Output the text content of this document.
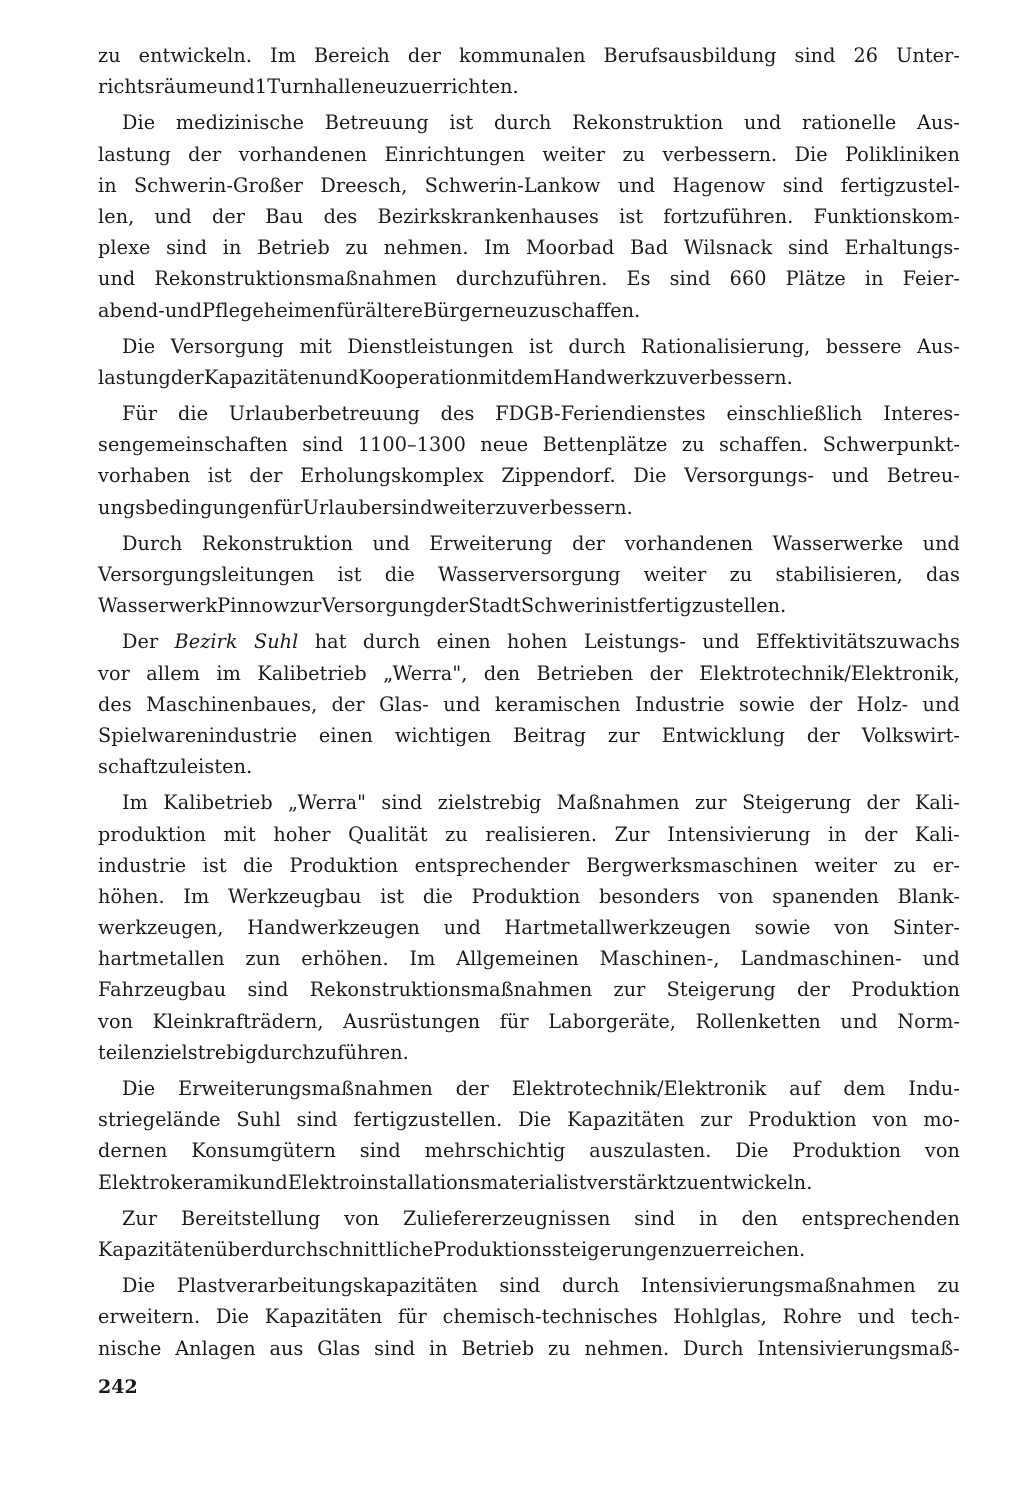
zu entwickeln. Im Bereich der kommunalen Berufsausbildung sind 26 Unter-
richtsräume und 1 Turnhalle neu zu errichten.
Die medizinische Betreuung ist durch Rekonstruktion und rationelle Aus-
lastung der vorhandenen Einrichtungen weiter zu verbessern. Die Polikliniken
in Schwerin-Großer Dreesch, Schwerin-Lankow und Hagenow sind fertigzustel-
len, und der Bau des Bezirkskrankenhauses ist fortzuführen. Funktionskom-
plexe sind in Betrieb zu nehmen. Im Moorbad Bad Wilsnack sind Erhaltungs-
und Rekonstruktionsmaßnahmen durchzuführen. Es sind 660 Plätze in Feier-
abend- und Pflegeheimen für ältere Bürger neu zu schaffen.
Die Versorgung mit Dienstleistungen ist durch Rationalisierung, bessere Aus-
lastung der Kapazitäten und Kooperation mit dem Handwerk zu verbessern.
Für die Urlauberbetreuung des FDGB-Feriendienstes einschließlich Interes-
sengemeinschaften sind 1100–1300 neue Bettenplätze zu schaffen. Schwerpunkt-
vorhaben ist der Erholungskomplex Zippendorf. Die Versorgungs- und Betreu-
ungsbedingungen für Urlauber sind weiter zu verbessern.
Durch Rekonstruktion und Erweiterung der vorhandenen Wasserwerke und
Versorgungsleitungen ist die Wasserversorgung weiter zu stabilisieren, das
Wasserwerk Pinnow zur Versorgung der Stadt Schwerin ist fertigzustellen.
Der Bezirk Suhl hat durch einen hohen Leistungs- und Effektivitätszuwachs
vor allem im Kalibetrieb „Werra", den Betrieben der Elektrotechnik/Elektronik,
des Maschinenbaues, der Glas- und keramischen Industrie sowie der Holz- und
Spielwarenindustrie einen wichtigen Beitrag zur Entwicklung der Volkswirt-
schaft zu leisten.
Im Kalibetrieb „Werra" sind zielstrebig Maßnahmen zur Steigerung der Kali-
produktion mit hoher Qualität zu realisieren. Zur Intensivierung in der Kali-
industrie ist die Produktion entsprechender Bergwerksmaschinen weiter zu er-
höhen. Im Werkzeugbau ist die Produktion besonders von spanenden Blank-
werkzeugen, Handwerkzeugen und Hartmetallwerkzeugen sowie von Sinter-
hartmetallen zun erhöhen. Im Allgemeinen Maschinen-, Landmaschinen- und
Fahrzeugbau sind Rekonstruktionsmaßnahmen zur Steigerung der Produktion
von Kleinkrafträdern, Ausrüstungen für Laborgeräte, Rollenketten und Norm-
teilen zielstrebig durchzuführen.
Die Erweiterungsmaßnahmen der Elektrotechnik/Elektronik auf dem Indu-
striegelände Suhl sind fertigzustellen. Die Kapazitäten zur Produktion von mo-
dernen Konsumgütern sind mehrschichtig auszulasten. Die Produktion von
Elektrokeramik und Elektroinstallationsmaterial ist verstärkt zu entwickeln.
Zur Bereitstellung von Zuliefererzeugnissen sind in den entsprechenden
Kapazitäten überdurchschnittliche Produktionssteigerungen zu erreichen.
Die Plastverarbeitungskapazitäten sind durch Intensivierungsmaßnahmen zu
erweitern. Die Kapazitäten für chemisch-technisches Hohlglas, Rohre und tech-
nische Anlagen aus Glas sind in Betrieb zu nehmen. Durch Intensivierungsmaß-
242
